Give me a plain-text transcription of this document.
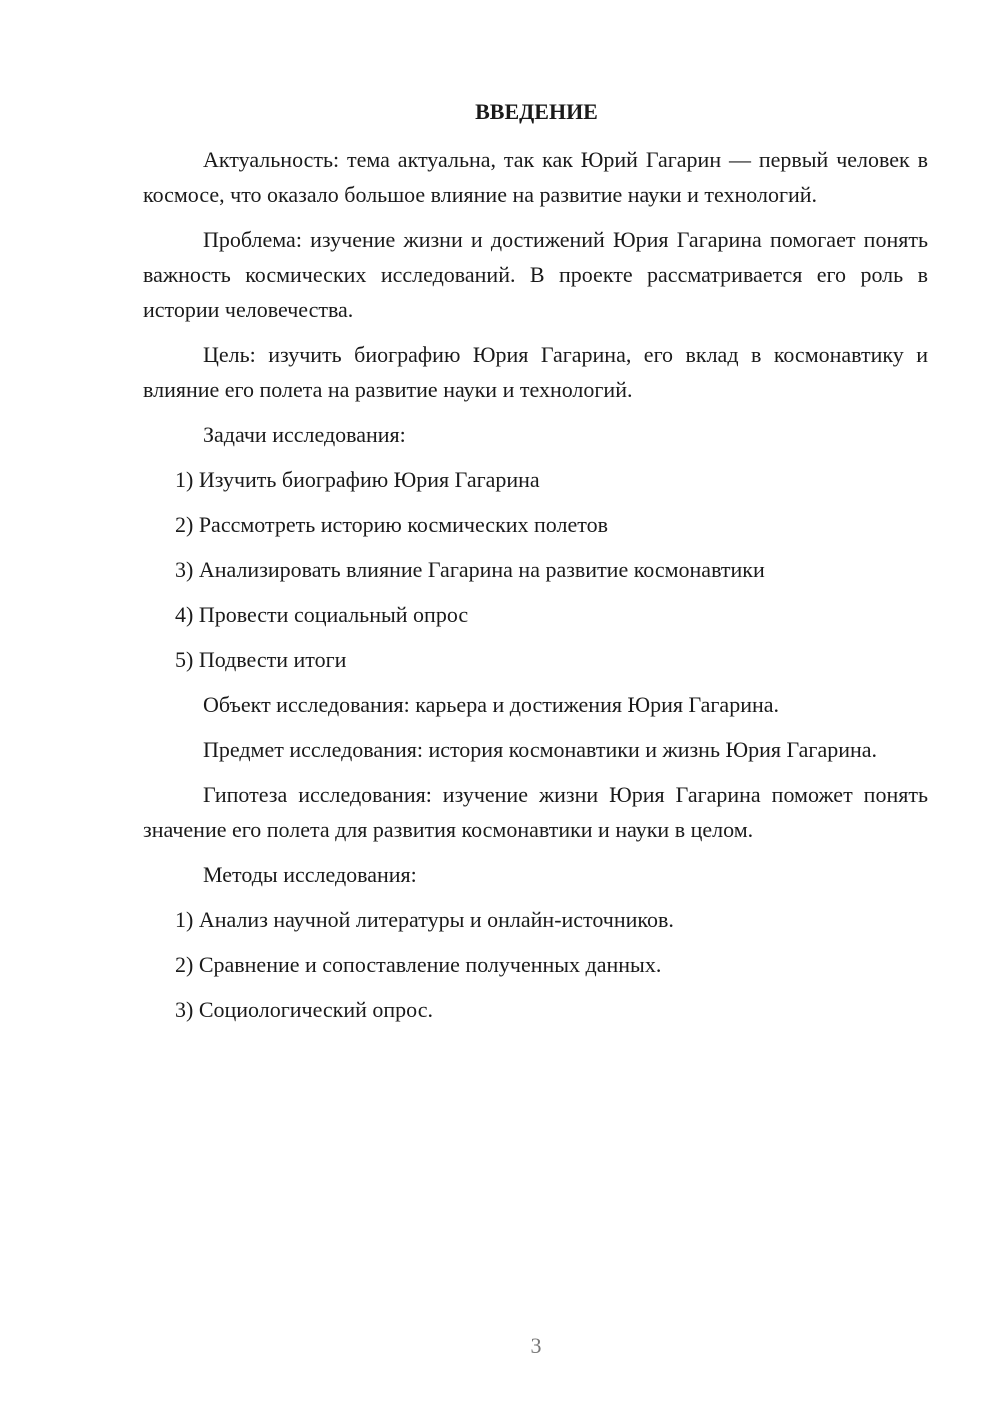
ВВЕДЕНИЕ

Актуальность: тема актуальна, так как Юрий Гагарин — первый человек в космосе, что оказало большое влияние на развитие науки и технологий.

Проблема: изучение жизни и достижений Юрия Гагарина помогает понять важность космических исследований. В проекте рассматривается его роль в истории человечества.

Цель: изучить биографию Юрия Гагарина, его вклад в космонавтику и влияние его полета на развитие науки и технологий.

Задачи исследования:

1) Изучить биографию Юрия Гагарина

2) Рассмотреть историю космических полетов

3) Анализировать влияние Гагарина на развитие космонавтики

4) Провести социальный опрос

5) Подвести итоги

Объект исследования: карьера и достижения Юрия Гагарина.

Предмет исследования: история космонавтики и жизнь Юрия Гагарина.

Гипотеза исследования: изучение жизни Юрия Гагарина поможет понять значение его полета для развития космонавтики и науки в целом.

Методы исследования:

1) Анализ научной литературы и онлайн-источников.

2) Сравнение и сопоставление полученных данных.

3) Социологический опрос.

3
